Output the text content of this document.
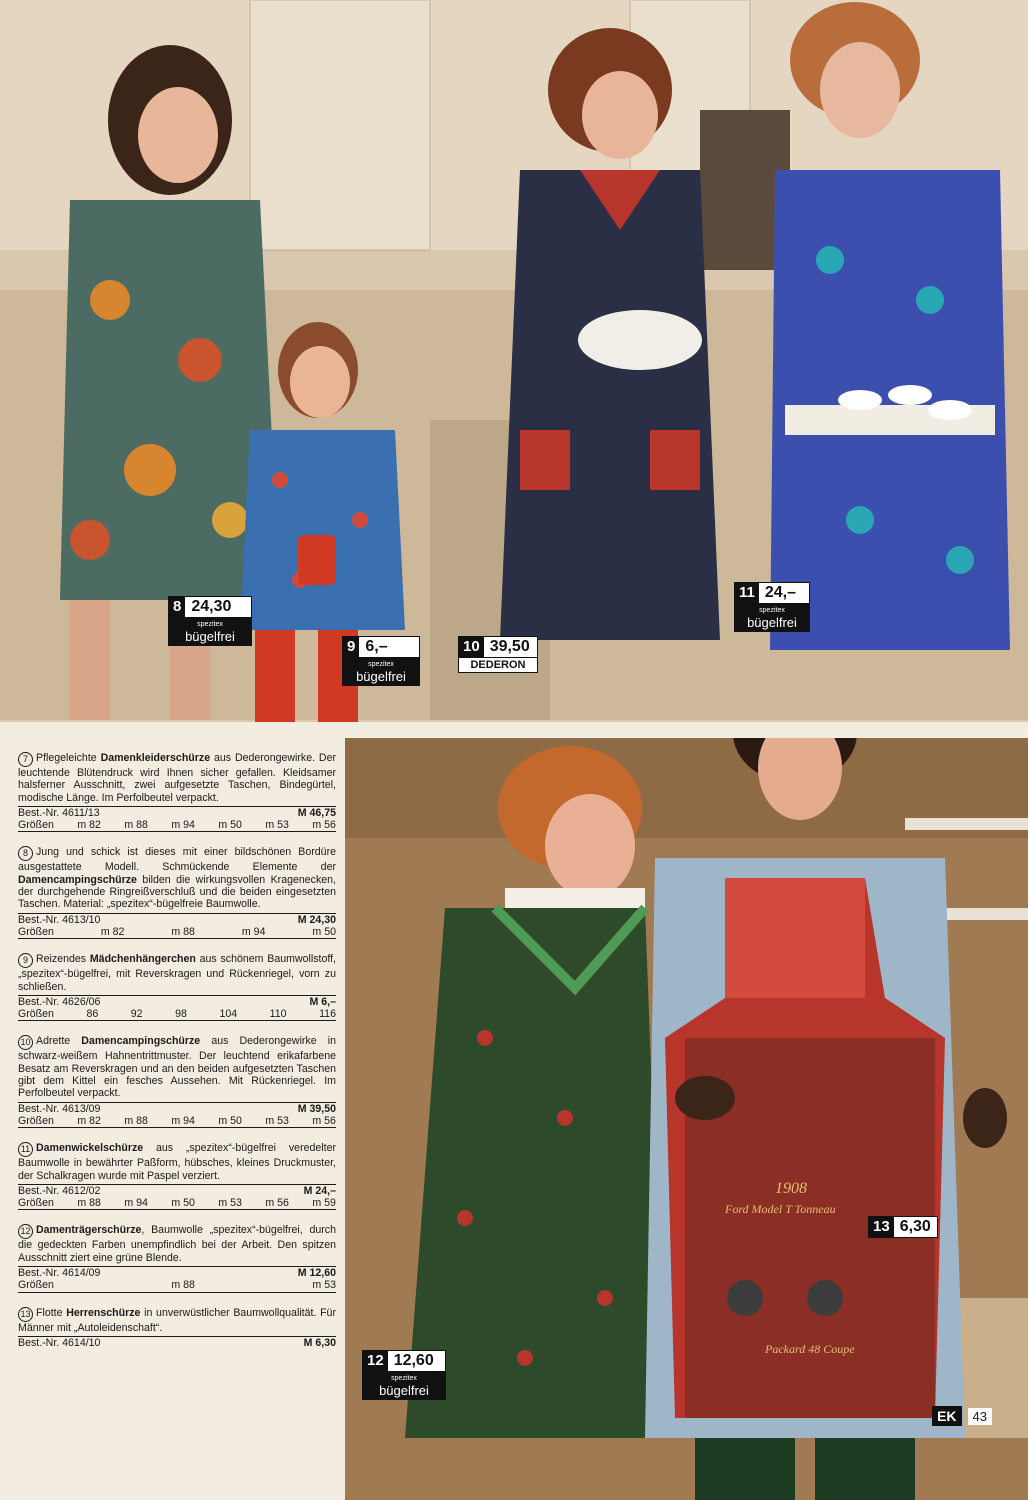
1908
Ford Model T Tonneau
Packard 48 Coupe

7 Pflegeleichte Damenkleiderschürze aus Dederongewirke. Der leuchtende Blütendruck wird Ihnen sicher gefallen. Kleidsamer halsferner Ausschnitt, zwei aufgesetzte Taschen, Bindegürtel, modische Länge. Im Perfolbeutel verpackt.

Best.-Nr. 4611/13	M 46,75
Größen m 82 m 88 m 94 m 50 m 53 m 56

8 Jung und schick ist dieses mit einer bildschönen Bordüre ausgestattete Modell. Schmückende Elemente der Damencampingschürze bilden die wirkungsvollen Kragenecken, der durchgehende Ringreißverschluß und die beiden eingesetzten Taschen. Material: „spezitex“-bügelfreie Baumwolle.

Best.-Nr. 4613/10	M 24,30
Größen	m 82	m 88	m 94	m 50

9 Reizendes Mädchenhängerchen aus schönem Baumwollstoff, „spezitex“-bügelfrei, mit Reverskragen und Rückenriegel, vorn zu schließen.

Best.-Nr. 4626/06	M 6,–
Größen	86	92	98	104	110	116

10 Adrette Damencampingschürze aus Dederongewirke in schwarz-weißem Hahnentrittmuster. Der leuchtend erikafarbene Besatz am Reverskragen und an den beiden aufgesetzten Taschen gibt dem Kittel ein fesches Aussehen. Mit Rückenriegel. Im Perfolbeutel verpackt.

Best.-Nr. 4613/09	M 39,50
Größen m 82 m 88 m 94 m 50 m 53 m 56

11 Damenwickelschürze aus „spezitex“-bügelfrei veredelter Baumwolle in bewährter Paßform, hübsches, kleines Druckmuster, der Schalkragen wurde mit Paspel verziert.

Best.-Nr. 4612/02	M 24,–
Größen m 88 m 94 m 50 m 53 m 56 m 59

12 Damenträgerschürze, Baumwolle „spezitex“-bügelfrei, durch die gedeckten Farben unempfindlich bei der Arbeit. Den spitzen Ausschnitt ziert eine grüne Blende.

Best.-Nr. 4614/09	M 12,60
Größen	m 88	m 53

13 Flotte Herrenschürze in unverwüstlicher Baumwollqualität. Für Männer mit „Autoleidenschaft“.

Best.-Nr. 4614/10	M 6,30
8 24,30
spezitex
bügelfrei
9 6,–
spezitex
bügelfrei
10 39,50
DEDERON
11 24,–
spezitex
bügelfrei
13 6,30
12 12,60
spezitex
bügelfrei
EK	43
